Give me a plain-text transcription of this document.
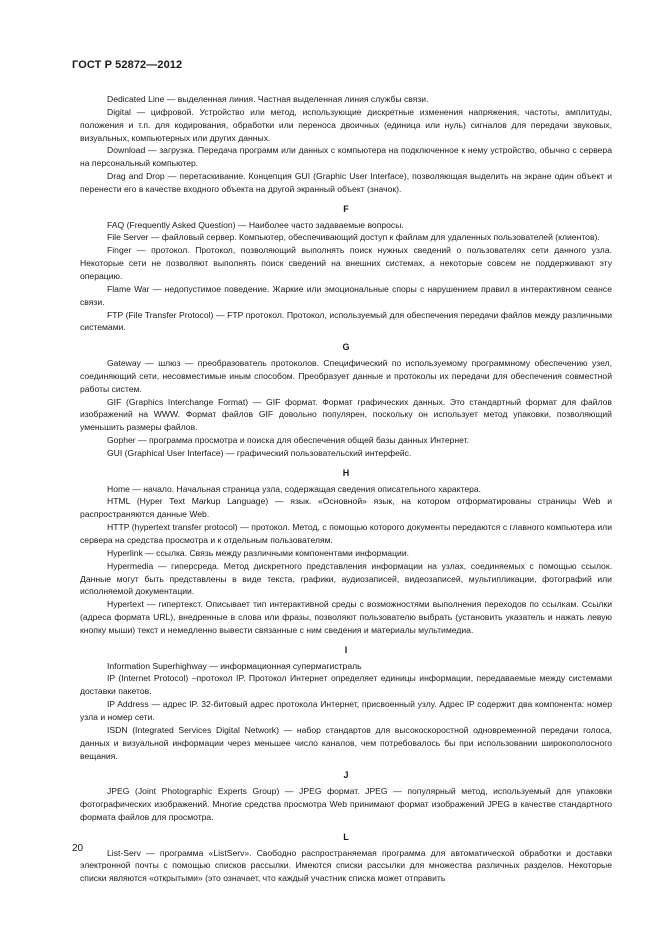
ГОСТ Р 52872—2012

Dedicated Line — выделенная линия. Частная выделенная линия службы связи.

Digital — цифровой. Устройство или метод, использующие дискретные изменения напряжения, частоты, амплитуды, положения и т.п. для кодирования, обработки или переноса двоичных (единица или нуль) сигналов для передачи звуковых, визуальных, компьютерных или других данных.

Download — загрузка. Передача программ или данных с компьютера на подключенное к нему устройство, обычно с сервера на персональный компьютер.

Drag and Drop — перетаскивание. Концепция GUI (Graphic User Interface), позволяющая выделить на экране один объект и перенести его в качестве входного объекта на другой экранный объект (значок).

F

FAQ (Frequently Asked Question) — Наиболее часто задаваемые вопросы.

File Server — файловый сервер. Компьютер, обеспечивающий доступ к файлам для удаленных пользователей (клиентов).

Finger — протокол. Протокол, позволяющий выполнять поиск нужных сведений о пользователях сети данного узла. Некоторые сети не позволяют выполнять поиск сведений на внешних системах, а некоторые совсем не поддерживают эту операцию.

Flame War — недопустимое поведение. Жаркие или эмоциональные споры с нарушением правил в интерактивном сеансе связи.

FTP (File Transfer Protocol) — FTP протокол. Протокол, используемый для обеспечения передачи файлов между различными системами.

G

Gateway — шлюз — преобразователь протоколов. Специфический по используемому программному обеспечению узел, соединяющий сети, несовместимые иным способом. Преобразует данные и протоколы их передачи для обеспечения совместной работы систем.

GIF (Graphics Interchange Format) — GIF формат. Формат графических данных. Это стандартный формат для файлов изображений на WWW. Формат файлов GIF довольно популярен, поскольку он использует метод упаковки, позволяющий уменьшить размеры файлов.

Gopher — программа просмотра и поиска для обеспечения общей базы данных Интернет.

GUI (Graphical User Interface) — графический пользовательский интерфейс.

H

Home — начало. Начальная страница узла, содержащая сведения описательного характера.

HTML (Hyper Text Markup Language) — язык. «Основной» язык, на котором отформатированы страницы Web и распространяются данные Web.

HTTP (hypertext transfer protocol) — протокол. Метод, с помощью которого документы передаются с главного компьютера или сервера на средства просмотра и к отдельным пользователям.

Hyperlink — ссылка. Связь между различными компонентами информации.

Hypermedia — гиперсреда. Метод дискретного представления информации на узлах, соединяемых с помощью ссылок. Данные могут быть представлены в виде текста, графики, аудиозаписей, видеозаписей, мультипликации, фотографий или исполняемой документации.

Hypertext — гипертекст. Описывает тип интерактивной среды с возможностями выполнения переходов по ссылкам. Ссылки (адреса формата URL), внедренные в слова или фразы, позволяют пользователю выбрать (установить указатель и нажать левую кнопку мыши) текст и немедленно вывести связанные с ним сведения и материалы мультимедиа.

I

Information Superhighway — информационная супермагистраль

IP (Internet Protocol) –протокол IP. Протокол Интернет определяет единицы информации, передаваемые между системами доставки пакетов.

IP Address — адрес IP. 32-битовый адрес протокола Интернет, присвоенный узлу. Адрес IP содержит два компонента: номер узла и номер сети.

ISDN (Integrated Services Digital Network) — набор стандартов для высокоскоростной одновременной передачи голоса, данных и визуальной информации через меньшее число каналов, чем потребовалось бы при использовании широкополосного вещания.

J

JPEG (Joint Photographic Experts Group) — JPEG формат. JPEG — популярный метод, используемый для упаковки фотографических изображений. Многие средства просмотра Web принимают формат изображений JPEG в качестве стандартного формата файлов для просмотра.

L

List-Serv — программа «ListServ». Свободно распространяемая программа для автоматической обработки и доставки электронной почты с помощью списков рассылки. Имеются списки рассылки для множества различных разделов. Некоторые списки являются «открытыми» (это означает, что каждый участник списка может отправить

20
